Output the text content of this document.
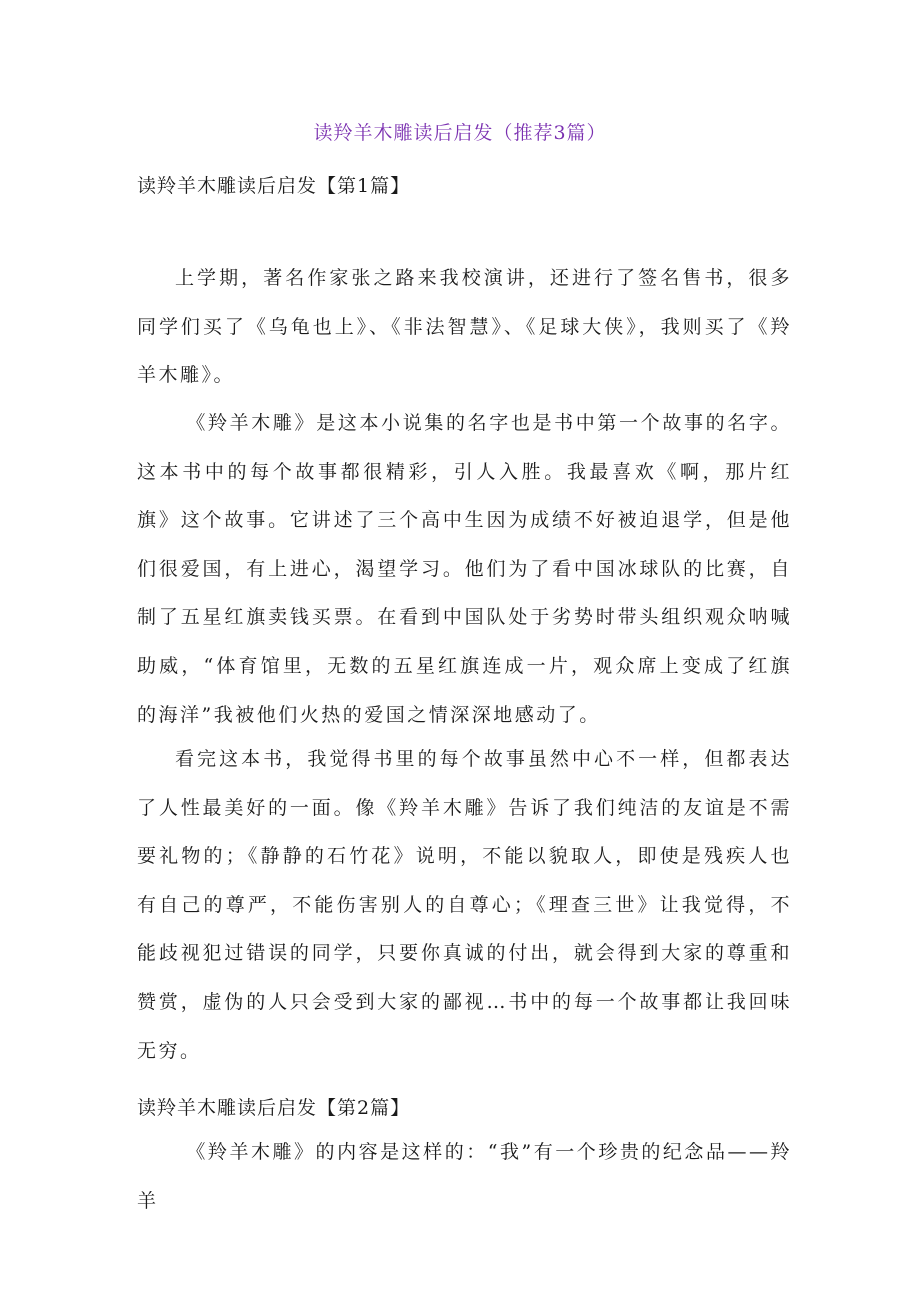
读羚羊木雕读后启发（推荐3篇）
读羚羊木雕读后启发【第1篇】

上学期，著名作家张之路来我校演讲，还进行了签名售书，很多同学们买了《乌龟也上》、《非法智慧》、《足球大侠》，我则买了《羚羊木雕》。

《羚羊木雕》是这本小说集的名字也是书中第一个故事的名字。这本书中的每个故事都很精彩，引人入胜。我最喜欢《啊，那片红旗》这个故事。它讲述了三个高中生因为成绩不好被迫退学，但是他们很爱国，有上进心，渴望学习。他们为了看中国冰球队的比赛，自制了五星红旗卖钱买票。在看到中国队处于劣势时带头组织观众呐喊助威，“体育馆里，无数的五星红旗连成一片，观众席上变成了红旗的海洋”我被他们火热的爱国之情深深地感动了。

看完这本书，我觉得书里的每个故事虽然中心不一样，但都表达了人性最美好的一面。像《羚羊木雕》告诉了我们纯洁的友谊是不需要礼物的；《静静的石竹花》说明，不能以貌取人，即使是残疾人也有自己的尊严，不能伤害别人的自尊心；《理查三世》让我觉得，不能歧视犯过错误的同学，只要你真诚的付出，就会得到大家的尊重和赞赏，虚伪的人只会受到大家的鄙视…书中的每一个故事都让我回味无穷。

读羚羊木雕读后启发【第2篇】

《羚羊木雕》的内容是这样的：“我”有一个珍贵的纪念品——羚羊
